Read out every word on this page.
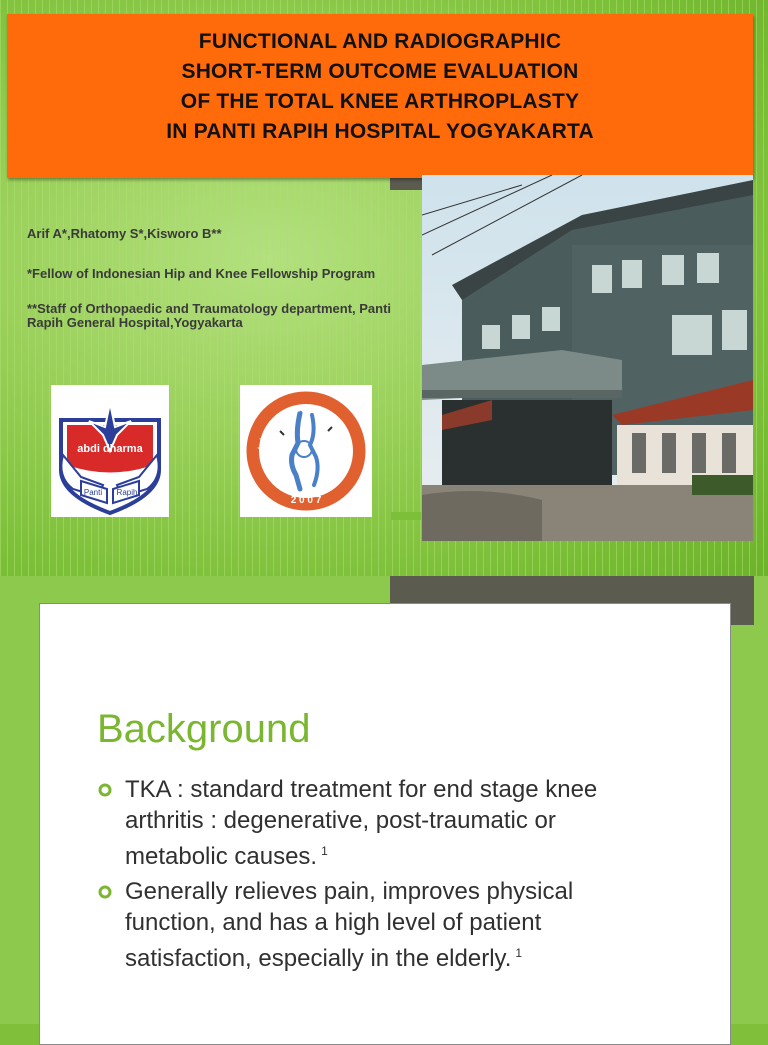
FUNCTIONAL AND RADIOGRAPHIC
SHORT-TERM OUTCOME EVALUATION
OF THE TOTAL KNEE ARTHROPLASTY
IN PANTI RAPIH HOSPITAL YOGYAKARTA
Arif A*,Rhatomy S*,Kisworo B**
*Fellow of Indonesian Hip and Knee Fellowship Program
**Staff of Orthopaedic and Traumatology department, Panti Rapih General Hospital,Yogyakarta
abdi dharma
Panti Rapih
2 0 0 7
Indonesian Hip and Knee Society
Background
TKA : standard treatment for end stage knee arthritis : degenerative, post-traumatic or metabolic causes. $^1$
Generally relieves pain, improves physical function, and has a high level of patient satisfaction, especially in the elderly. $^1$
